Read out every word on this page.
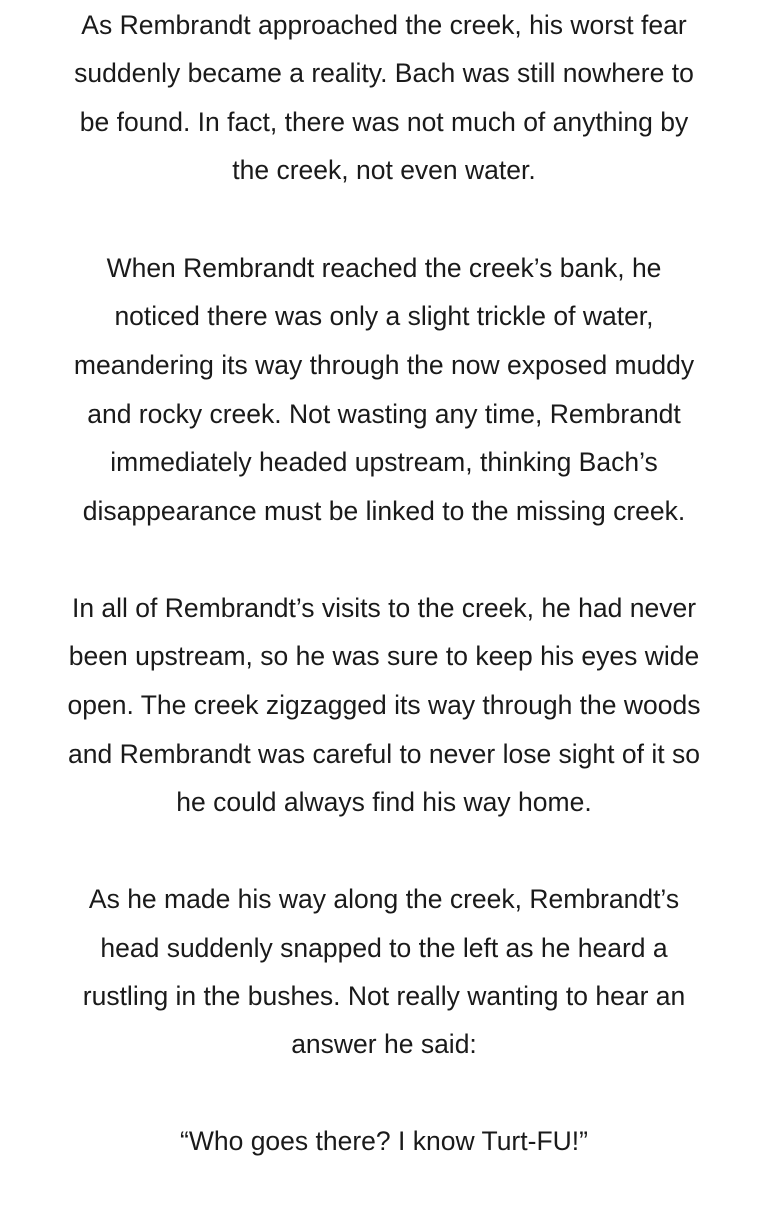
As Rembrandt approached the creek, his worst fear
suddenly became a reality. Bach was still nowhere to
be found. In fact, there was not much of anything by
the creek, not even water.
When Rembrandt reached the creek’s bank, he
noticed there was only a slight trickle of water,
meandering its way through the now exposed muddy
and rocky creek. Not wasting any time, Rembrandt
immediately headed upstream, thinking Bach’s
disappearance must be linked to the missing creek.
In all of Rembrandt’s visits to the creek, he had never
been upstream, so he was sure to keep his eyes wide
open. The creek zigzagged its way through the woods
and Rembrandt was careful to never lose sight of it so
he could always find his way home.
As he made his way along the creek, Rembrandt’s
head suddenly snapped to the left as he heard a
rustling in the bushes. Not really wanting to hear an
answer he said:
“Who goes there? I know Turt-FU!”
